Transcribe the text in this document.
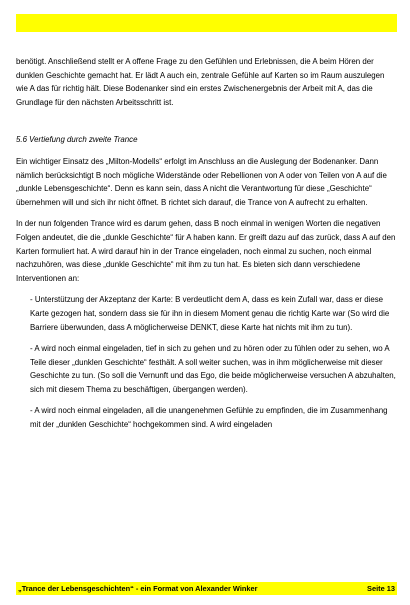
benötigt. Anschließend stellt er A offene Frage zu den Gefühlen und Erlebnissen, die A beim Hören der dunklen Geschichte gemacht hat. Er lädt A auch ein, zentrale Gefühle auf Karten so im Raum auszulegen wie A das für richtig hält. Diese Bodenanker sind ein erstes Zwischenergebnis der Arbeit mit A, das die Grundlage für den nächsten Arbeitsschritt ist.

5.6 Vertiefung durch zweite Trance

Ein wichtiger Einsatz des „Milton-Modells“ erfolgt im Anschluss an die Auslegung der Bodenanker. Dann nämlich berücksichtigt B noch mögliche Widerstände oder Rebellionen von A oder von Teilen von A auf die „dunkle Lebensgeschichte“. Denn es kann sein, dass A nicht die Verantwortung für diese „Geschichte“ übernehmen will und sich ihr nicht öffnet. B richtet sich darauf, die Trance von A aufrecht zu erhalten.

In der nun folgenden Trance wird es darum gehen, dass B noch einmal in wenigen Worten die negativen Folgen andeutet, die die „dunkle Geschichte“ für A haben kann. Er greift dazu auf das zurück, dass A auf den Karten formuliert hat. A wird darauf hin in der Trance eingeladen, noch einmal zu suchen, noch einmal nachzuhören, was diese „dunkle Geschichte“ mit ihm zu tun hat. Es bieten sich dann verschiedene Interventionen an:

- Unterstützung der Akzeptanz der Karte: B verdeutlicht dem A, dass es kein Zufall war, dass er diese Karte gezogen hat, sondern dass sie für ihn in diesem Moment genau die richtig Karte war (So wird die Barriere überwunden, dass A möglicherweise DENKT, diese Karte hat nichts mit ihm zu tun).

- A wird noch einmal eingeladen, tief in sich zu gehen und zu hören oder zu fühlen oder zu sehen, wo A Teile dieser „dunklen Geschichte“ festhält. A soll weiter suchen, was in ihm möglicherweise mit dieser Geschichte zu tun. (So soll die Vernunft und das Ego, die beide möglicherweise versuchen A abzuhalten, sich mit diesem Thema zu beschäftigen, übergangen werden).

- A wird noch einmal eingeladen, all die unangenehmen Gefühle zu empfinden, die im Zusammenhang mit der „dunklen Geschichte“ hochgekommen sind. A wird eingeladen

„Trance der Lebensgeschichten“ - ein Format von Alexander Winker	Seite 13
